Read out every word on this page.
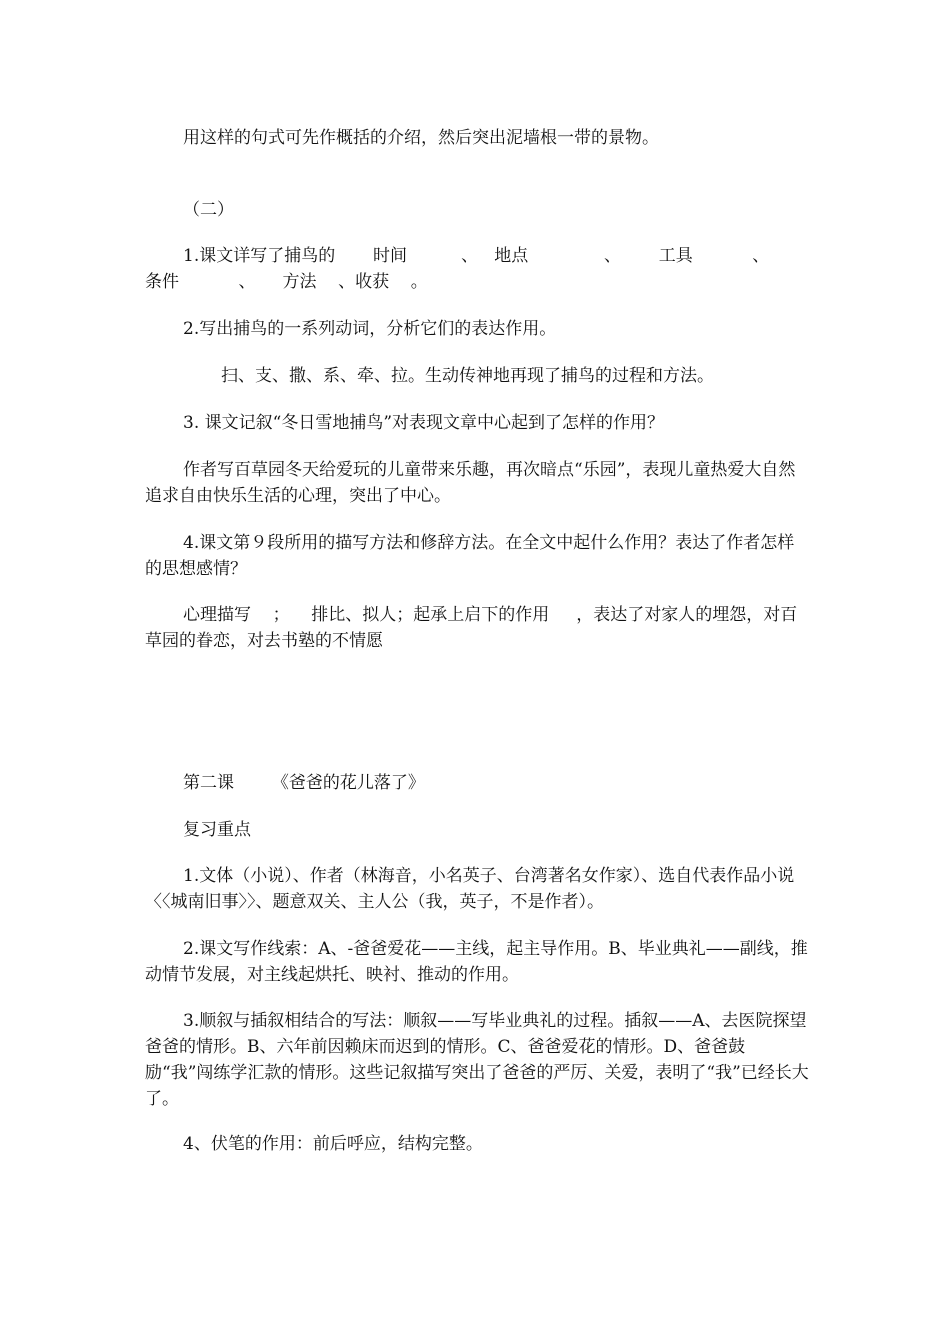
用这样的句式可先作概括的介绍，然后突出泥墙根一带的景物。

（二）

1.课文详写了捕鸟的       时间          、   地点              、       工具           、

条件           、     方法    、收获    。

2.写出捕鸟的一系列动词，分析它们的表达作用。

扫、支、撒、系、牵、拉。生动传神地再现了捕鸟的过程和方法。

3. 课文记叙“冬日雪地捕鸟”对表现文章中心起到了怎样的作用？

作者写百草园冬天给爱玩的儿童带来乐趣，再次暗点“乐园”，表现儿童热爱大自然追求自由快乐生活的心理，突出了中心。

4.课文第９段所用的描写方法和修辞方法。在全文中起什么作用？表达了作者怎样的思想感情？

心理描写    ；    排比、拟人；起承上启下的作用     ，表达了对家人的埋怨，对百草园的眷恋，对去书塾的不情愿

第二课       《爸爸的花儿落了》

复习重点

1.文体（小说）、作者（林海音，小名英子、台湾著名女作家）、选自代表作品小说〈〈城南旧事〉〉、题意双关、主人公（我，英子，不是作者）。

2.课文写作线索：A、-爸爸爱花——主线，起主导作用。B、毕业典礼——副线，推动情节发展，对主线起烘托、映衬、推动的作用。

3.顺叙与插叙相结合的写法：顺叙——写毕业典礼的过程。插叙——A、去医院探望爸爸的情形。B、六年前因赖床而迟到的情形。C、爸爸爱花的情形。D、爸爸鼓励“我”闯练学汇款的情形。这些记叙描写突出了爸爸的严厉、关爱，表明了“我”已经长大了。

4、伏笔的作用：前后呼应，结构完整。
